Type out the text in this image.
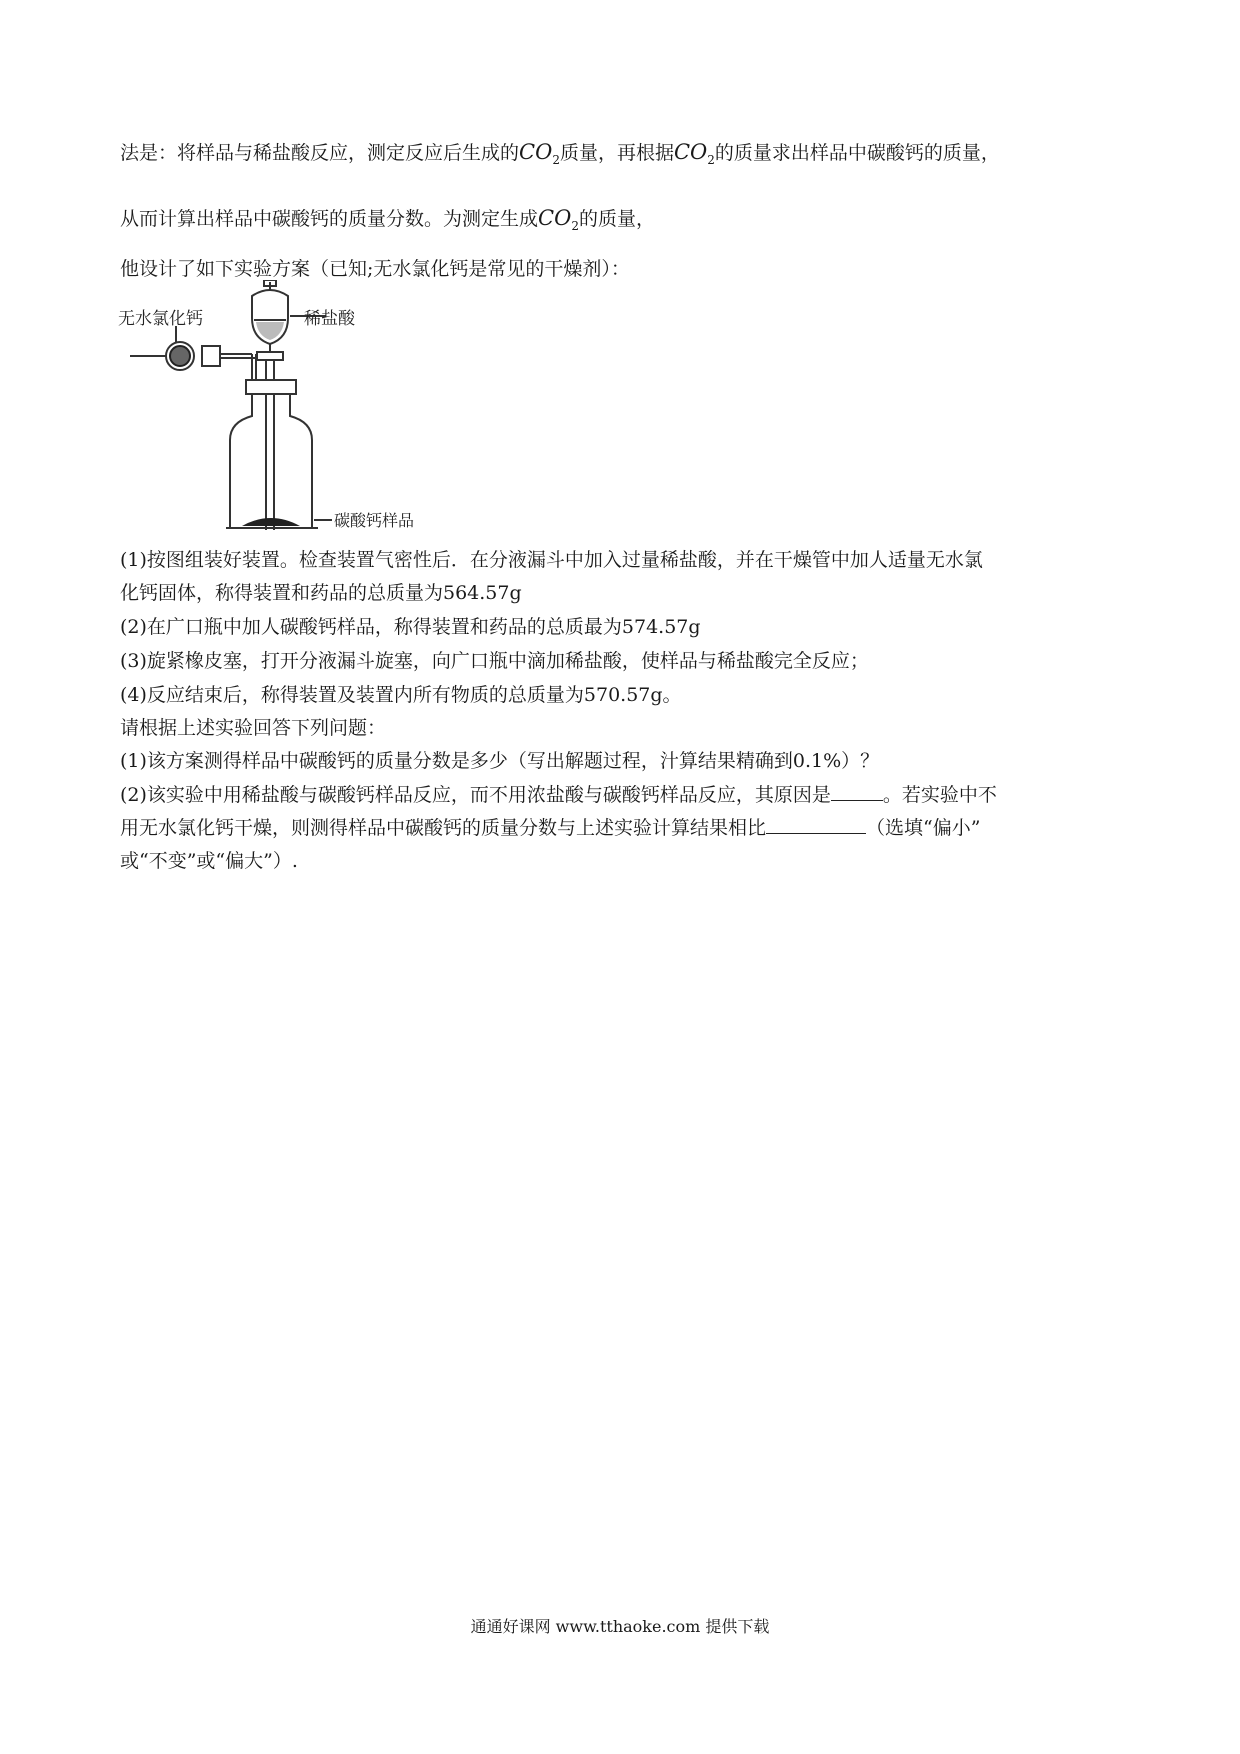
法是：将样品与稀盐酸反应，测定反应后生成的$CO_2$质量，再根据$CO_2$的质量求出样品中碳酸钙的质量，
从而计算出样品中碳酸钙的质量分数。为测定生成$CO_2$的质量，
他设计了如下实验方案（已知;无水氯化钙是常见的干燥剂）：
稀盐酸
无水氯化钙
碳酸钙样品
(1)按图组装好装置。检查装置气密性后．在分液漏斗中加入过量稀盐酸，并在干燥管中加人适量无水氯
化钙固体，称得装置和药品的总质量为564.57g
(2)在广口瓶中加人碳酸钙样品，称得装置和药品的总质最为574.57g
(3)旋紧橡皮塞，打开分液漏斗旋塞，向广口瓶中滴加稀盐酸，使样品与稀盐酸完全反应；
(4)反应结束后，称得装置及装置内所有物质的总质量为570.57g。
请根据上述实验回答下列问题：
(1)该方案测得样品中碳酸钙的质量分数是多少（写出解题过程，汁算结果精确到0.1%）？
(2)该实验中用稀盐酸与碳酸钙样品反应，而不用浓盐酸与碳酸钙样品反应，其原因是	。若实验中不
用无水氯化钙干燥，则测得样品中碳酸钙的质量分数与上述实验计算结果相比	（选填“偏小”
或“不变”或“偏大”）.
通通好课网 www.tthaoke.com 提供下载
